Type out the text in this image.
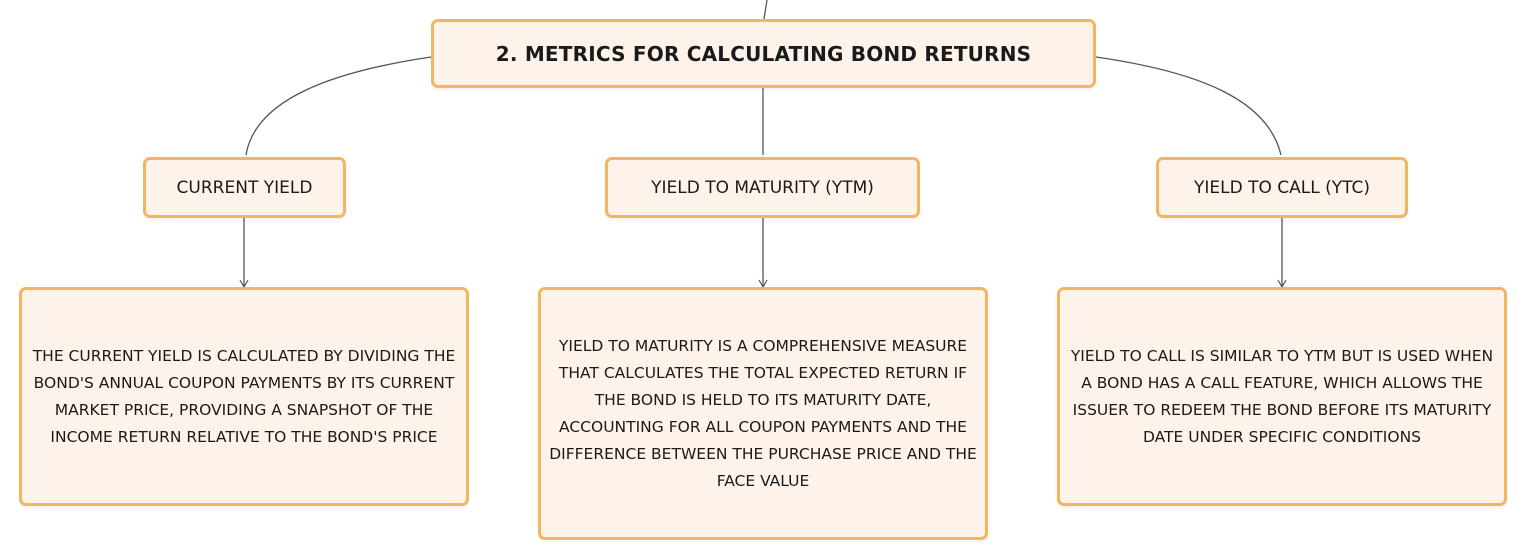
2. METRICS FOR CALCULATING BOND RETURNS
CURRENT YIELD	YIELD TO MATURITY (YTM)	YIELD TO CALL (YTC)
THE CURRENT YIELD IS CALCULATED BY DIVIDING THE BOND'S ANNUAL COUPON PAYMENTS BY ITS CURRENT MARKET PRICE, PROVIDING A SNAPSHOT OF THE INCOME RETURN RELATIVE TO THE BOND'S PRICE
YIELD TO MATURITY IS A COMPREHENSIVE MEASURE THAT CALCULATES THE TOTAL EXPECTED RETURN IF THE BOND IS HELD TO ITS MATURITY DATE, ACCOUNTING FOR ALL COUPON PAYMENTS AND THE DIFFERENCE BETWEEN THE PURCHASE PRICE AND THE FACE VALUE
YIELD TO CALL IS SIMILAR TO YTM BUT IS USED WHEN A BOND HAS A CALL FEATURE, WHICH ALLOWS THE ISSUER TO REDEEM THE BOND BEFORE ITS MATURITY DATE UNDER SPECIFIC CONDITIONS
